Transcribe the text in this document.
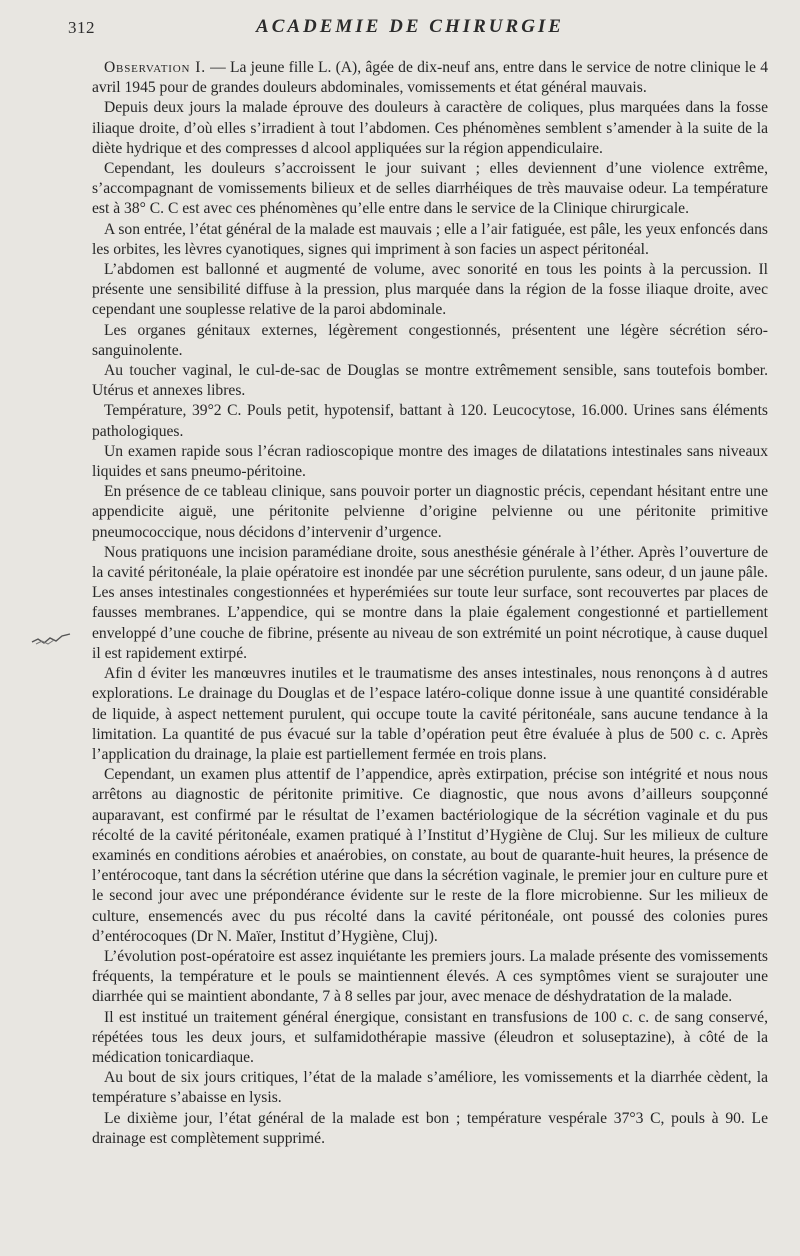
312	ACADEMIE DE CHIRURGIE

Observation I. — La jeune fille L. (A), âgée de dix-neuf ans, entre dans le service de notre clinique le 4 avril 1945 pour de grandes douleurs abdominales, vomissements et état général mauvais.

Depuis deux jours la malade éprouve des douleurs à caractère de coliques, plus marquées dans la fosse iliaque droite, d’où elles s’irradient à tout l’abdomen. Ces phénomènes semblent s’amender à la suite de la diète hydrique et des compresses d alcool appliquées sur la région appendiculaire.

Cependant, les douleurs s’accroissent le jour suivant ; elles deviennent d’une violence extrême, s’accompagnant de vomissements bilieux et de selles diarrhéiques de très mauvaise odeur. La température est à 38° C. C est avec ces phénomènes qu’elle entre dans le service de la Clinique chirurgicale.

A son entrée, l’état général de la malade est mauvais ; elle a l’air fatiguée, est pâle, les yeux enfoncés dans les orbites, les lèvres cyanotiques, signes qui impriment à son facies un aspect péritonéal.

L’abdomen est ballonné et augmenté de volume, avec sonorité en tous les points à la percussion. Il présente une sensibilité diffuse à la pression, plus marquée dans la région de la fosse iliaque droite, avec cependant une souplesse relative de la paroi abdominale.

Les organes génitaux externes, légèrement congestionnés, présentent une légère sécrétion séro-sanguinolente.

Au toucher vaginal, le cul-de-sac de Douglas se montre extrêmement sensible, sans toutefois bomber. Utérus et annexes libres.

Température, 39°2 C. Pouls petit, hypotensif, battant à 120. Leucocytose, 16.000. Urines sans éléments pathologiques.

Un examen rapide sous l’écran radioscopique montre des images de dilatations intestinales sans niveaux liquides et sans pneumo-péritoine.

En présence de ce tableau clinique, sans pouvoir porter un diagnostic précis, cependant hésitant entre une appendicite aiguë, une péritonite pelvienne d’origine pelvienne ou une péritonite primitive pneumococcique, nous décidons d’intervenir d’urgence.

Nous pratiquons une incision paramédiane droite, sous anesthésie générale à l’éther. Après l’ouverture de la cavité péritonéale, la plaie opératoire est inondée par une sécrétion purulente, sans odeur, d un jaune pâle. Les anses intestinales congestionnées et hyperémiées sur toute leur surface, sont recouvertes par places de fausses membranes. L’appendice, qui se montre dans la plaie également congestionné et partiellement enveloppé d’une couche de fibrine, présente au niveau de son extrémité un point nécrotique, à cause duquel il est rapidement extirpé.

Afin d éviter les manœuvres inutiles et le traumatisme des anses intestinales, nous renonçons à d autres explorations. Le drainage du Douglas et de l’espace latéro-colique donne issue à une quantité considérable de liquide, à aspect nettement purulent, qui occupe toute la cavité péritonéale, sans aucune tendance à la limitation. La quantité de pus évacué sur la table d’opération peut être évaluée à plus de 500 c. c. Après l’application du drainage, la plaie est partiellement fermée en trois plans.

Cependant, un examen plus attentif de l’appendice, après extirpation, précise son intégrité et nous nous arrêtons au diagnostic de péritonite primitive. Ce diagnostic, que nous avons d’ailleurs soupçonné auparavant, est confirmé par le résultat de l’examen bactériologique de la sécrétion vaginale et du pus récolté de la cavité péritonéale, examen pratiqué à l’Institut d’Hygiène de Cluj. Sur les milieux de culture examinés en conditions aérobies et anaérobies, on constate, au bout de quarante-huit heures, la présence de l’entérocoque, tant dans la sécrétion utérine que dans la sécrétion vaginale, le premier jour en culture pure et le second jour avec une prépondérance évidente sur le reste de la flore microbienne. Sur les milieux de culture, ensemencés avec du pus récolté dans la cavité péritonéale, ont poussé des colonies pures d’entérocoques (Dr N. Maïer, Institut d’Hygiène, Cluj).

L’évolution post-opératoire est assez inquiétante les premiers jours. La malade présente des vomissements fréquents, la température et le pouls se maintiennent élevés. A ces symptômes vient se surajouter une diarrhée qui se maintient abondante, 7 à 8 selles par jour, avec menace de déshydratation de la malade.

Il est institué un traitement général énergique, consistant en transfusions de 100 c. c. de sang conservé, répétées tous les deux jours, et sulfamidothérapie massive (éleudron et soluseptazine), à côté de la médication tonicardiaque.

Au bout de six jours critiques, l’état de la malade s’améliore, les vomissements et la diarrhée cèdent, la température s’abaisse en lysis.

Le dixième jour, l’état général de la malade est bon ; température vespérale 37°3 C, pouls à 90. Le drainage est complètement supprimé.
